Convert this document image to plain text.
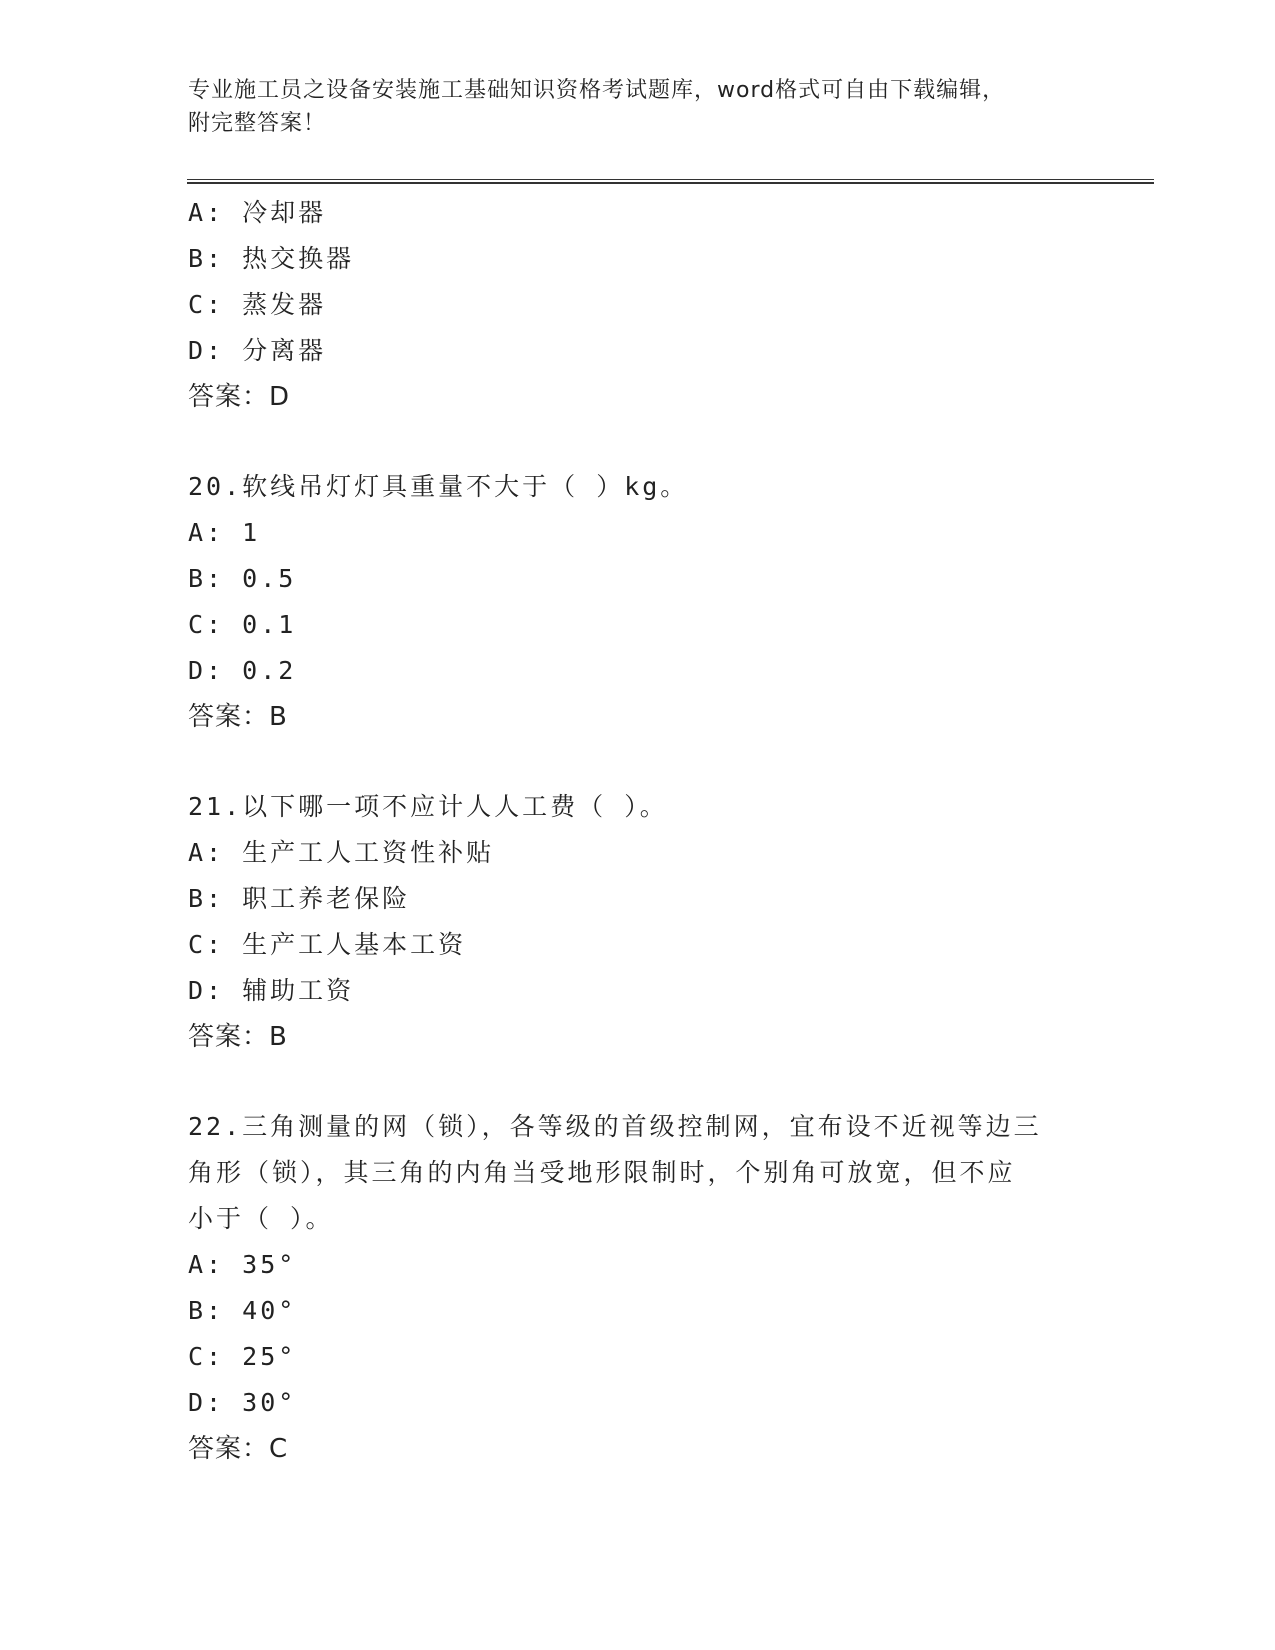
专业施工员之设备安装施工基础知识资格考试题库，word格式可自由下载编辑，
附完整答案！
A: 冷却器
B: 热交换器
C: 蒸发器
D: 分离器
答案：D
20.软线吊灯灯具重量不大于（ ）kg。
A: 1
B: 0.5
C: 0.1
D: 0.2
答案：B
21.以下哪一项不应计人人工费（ ）。
A: 生产工人工资性补贴
B: 职工养老保险
C: 生产工人基本工资
D: 辅助工资
答案：B
22.三角测量的网（锁），各等级的首级控制网，宜布设不近视等边三
角形（锁），其三角的内角当受地形限制时，个别角可放宽，但不应
小于（ ）。
A: 35°
B: 40°
C: 25°
D: 30°
答案：C
